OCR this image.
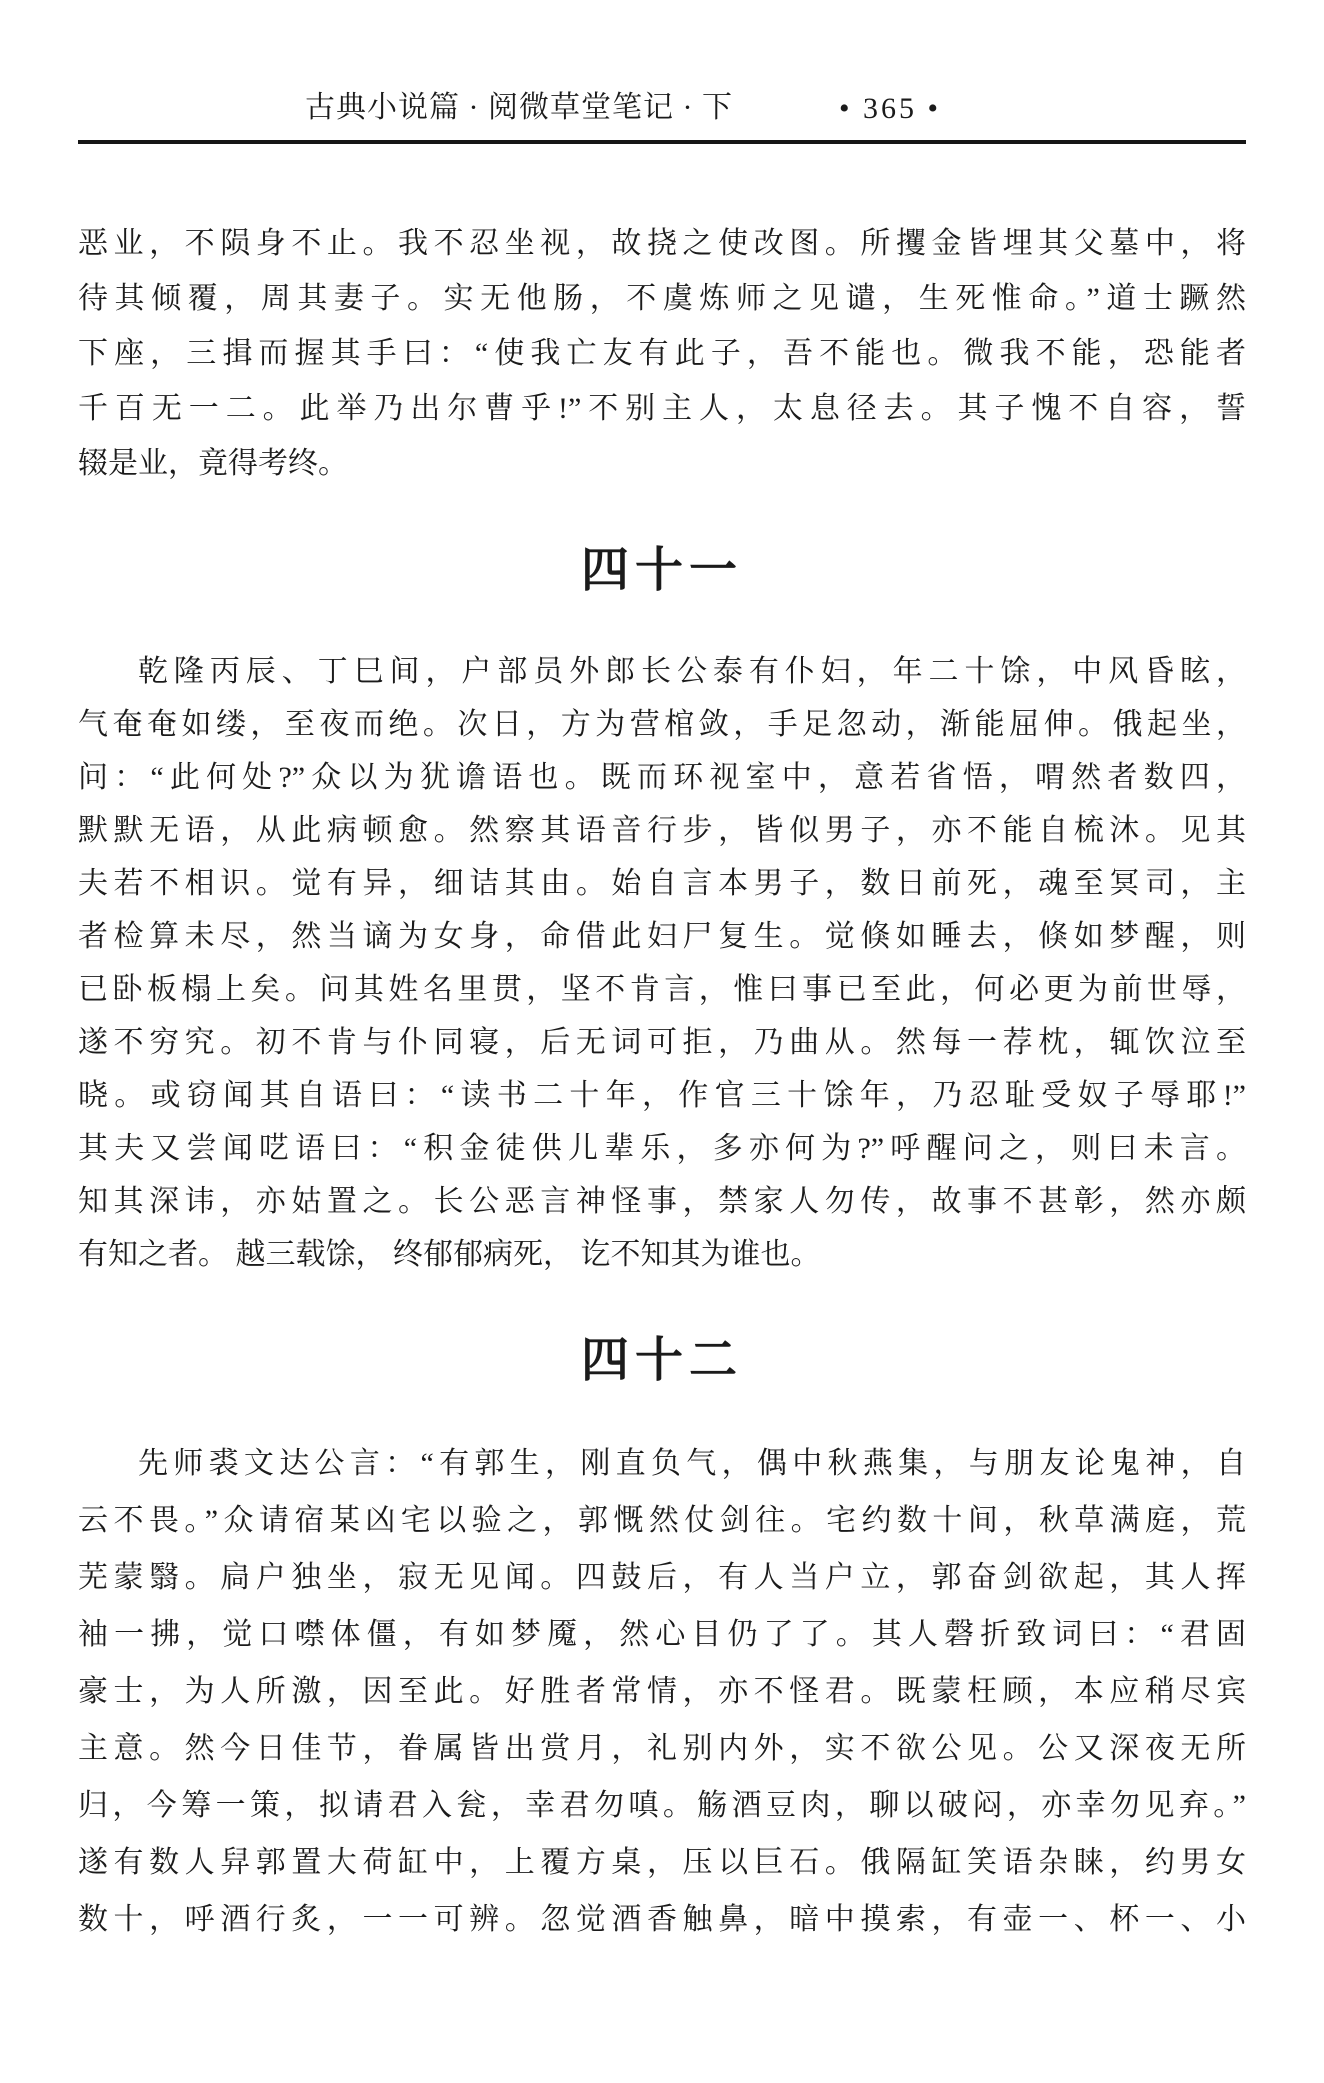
古典小说篇 · 阅微草堂笔记 · 下	• 365 •
恶业，不陨身不止。我不忍坐视，故挠之使改图。所攫金皆埋其父墓中，将
待其倾覆，周其妻子。实无他肠，不虞炼师之见谴，生死惟命。”道士蹶然
下座，三揖而握其手曰：“使我亡友有此子，吾不能也。微我不能，恐能者
千百无一二。此举乃出尔曹乎!”不别主人，太息径去。其子愧不自容，誓
辍是业，竟得考终。
四十一
乾隆丙辰、丁巳间，户部员外郎长公泰有仆妇，年二十馀，中风昏眩，
气奄奄如缕，至夜而绝。次日，方为营棺敛，手足忽动，渐能屈伸。俄起坐，
问：“此何处?”众以为犹谵语也。既而环视室中，意若省悟，喟然者数四，
默默无语，从此病顿愈。然察其语音行步，皆似男子，亦不能自梳沐。见其
夫若不相识。觉有异，细诘其由。始自言本男子，数日前死，魂至冥司，主
者检算未尽，然当谪为女身，命借此妇尸复生。觉倏如睡去，倏如梦醒，则
已卧板榻上矣。问其姓名里贯，坚不肯言，惟曰事已至此，何必更为前世辱，
遂不穷究。初不肯与仆同寝，后无词可拒，乃曲从。然每一荐枕，辄饮泣至
晓。或窃闻其自语曰：“读书二十年，作官三十馀年，乃忍耻受奴子辱耶!”
其夫又尝闻呓语曰：“积金徒供儿辈乐，多亦何为?”呼醒问之，则曰未言。
知其深讳，亦姑置之。长公恶言神怪事，禁家人勿传，故事不甚彰，然亦颇
有知之者。 越三载馀， 终郁郁病死， 讫不知其为谁也。
四十二
先师裘文达公言：“有郭生，刚直负气，偶中秋燕集，与朋友论鬼神，自
云不畏。”众请宿某凶宅以验之，郭慨然仗剑往。宅约数十间，秋草满庭，荒
芜蒙翳。扃户独坐，寂无见闻。四鼓后，有人当户立，郭奋剑欲起，其人挥
袖一拂，觉口噤体僵，有如梦魇，然心目仍了了。其人磬折致词曰：“君固
豪士，为人所激，因至此。好胜者常情，亦不怪君。既蒙枉顾，本应稍尽宾
主意。然今日佳节，眷属皆出赏月，礼别内外，实不欲公见。公又深夜无所
归，今筹一策，拟请君入瓮，幸君勿嗔。觞酒豆肉，聊以破闷，亦幸勿见弃。”
遂有数人舁郭置大荷缸中，上覆方桌，压以巨石。俄隔缸笑语杂睐，约男女
数十，呼酒行炙，一一可辨。忽觉酒香触鼻，暗中摸索，有壶一、杯一、小
